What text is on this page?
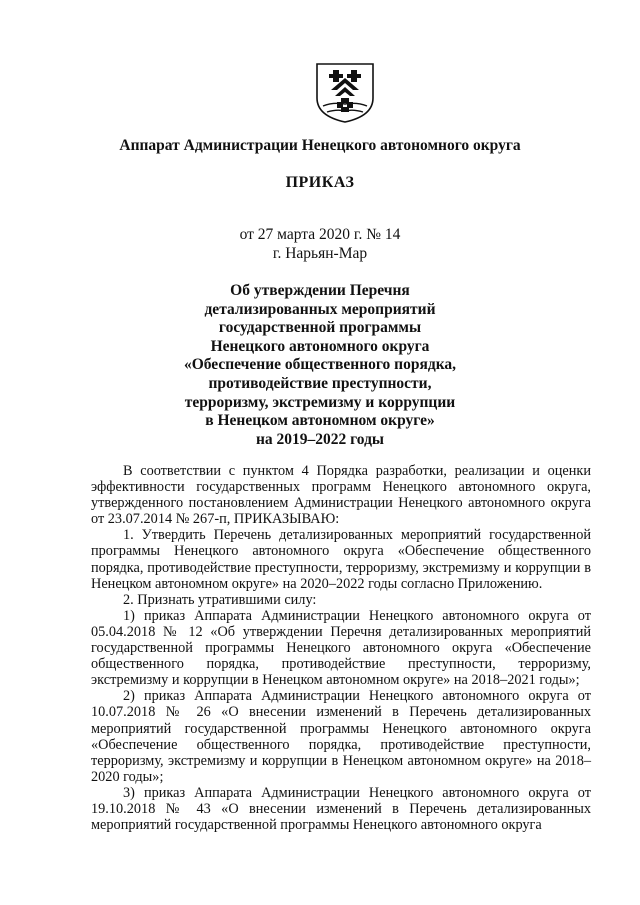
Аппарат Администрации Ненецкого автономного округа
ПРИКАЗ
от 27 марта 2020 г. № 14
г. Нарьян-Мар
Об утверждении Перечня
детализированных мероприятий
государственной программы
Ненецкого автономного округа
«Обеспечение общественного порядка,
противодействие преступности,
терроризму, экстремизму и коррупции
в Ненецком автономном округе»
на 2019–2022 годы

В соответствии с пунктом 4 Порядка разработки, реализации и оценки эффективности государственных программ Ненецкого автономного округа, утвержденного постановлением Администрации Ненецкого автономного округа от 23.07.2014 № 267-п, ПРИКАЗЫВАЮ:

1. Утвердить Перечень детализированных мероприятий государственной программы Ненецкого автономного округа «Обеспечение общественного порядка, противодействие преступности, терроризму, экстремизму и коррупции в Ненецком автономном округе» на 2020–2022 годы согласно Приложению.

2. Признать утратившими силу:

1) приказ Аппарата Администрации Ненецкого автономного округа от 05.04.2018 № 12 «Об утверждении Перечня детализированных мероприятий государственной программы Ненецкого автономного округа «Обеспечение общественного порядка, противодействие преступности, терроризму, экстремизму и коррупции в Ненецком автономном округе» на 2018–2021 годы»;

2) приказ Аппарата Администрации Ненецкого автономного округа от 10.07.2018 № 26 «О внесении изменений в Перечень детализированных мероприятий государственной программы Ненецкого автономного округа «Обеспечение общественного порядка, противодействие преступности, терроризму, экстремизму и коррупции в Ненецком автономном округе» на 2018–2020 годы»;

3) приказ Аппарата Администрации Ненецкого автономного округа от 19.10.2018 № 43 «О внесении изменений в Перечень детализированных мероприятий государственной программы Ненецкого автономного округа
